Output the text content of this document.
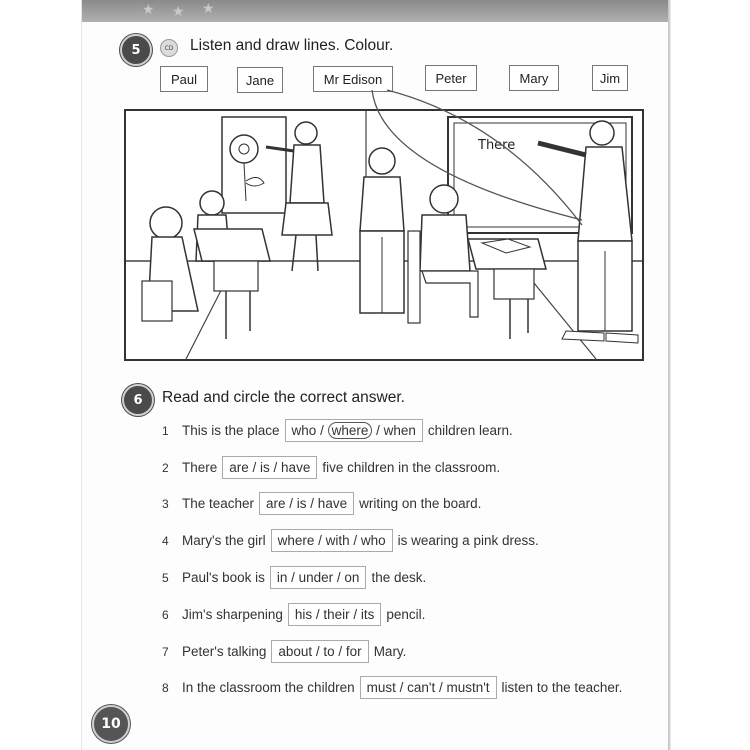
★ ★ ★
5	CD Listen and draw lines. Colour.
Paul	Jane	Mr Edison	Peter	Mary	Jim
There
6	Read and circle the correct answer.
1 This is the place who / where / when children learn.
2 There are / is / have five children in the classroom.
3 The teacher are / is / have writing on the board.
4 Mary's the girl where / with / who is wearing a pink dress.
5 Paul's book is in / under / on the desk.
6 Jim's sharpening his / their / its pencil.
7 Peter's talking about / to / for Mary.
8 In the classroom the children must / can't / mustn't listen to the teacher.
10
